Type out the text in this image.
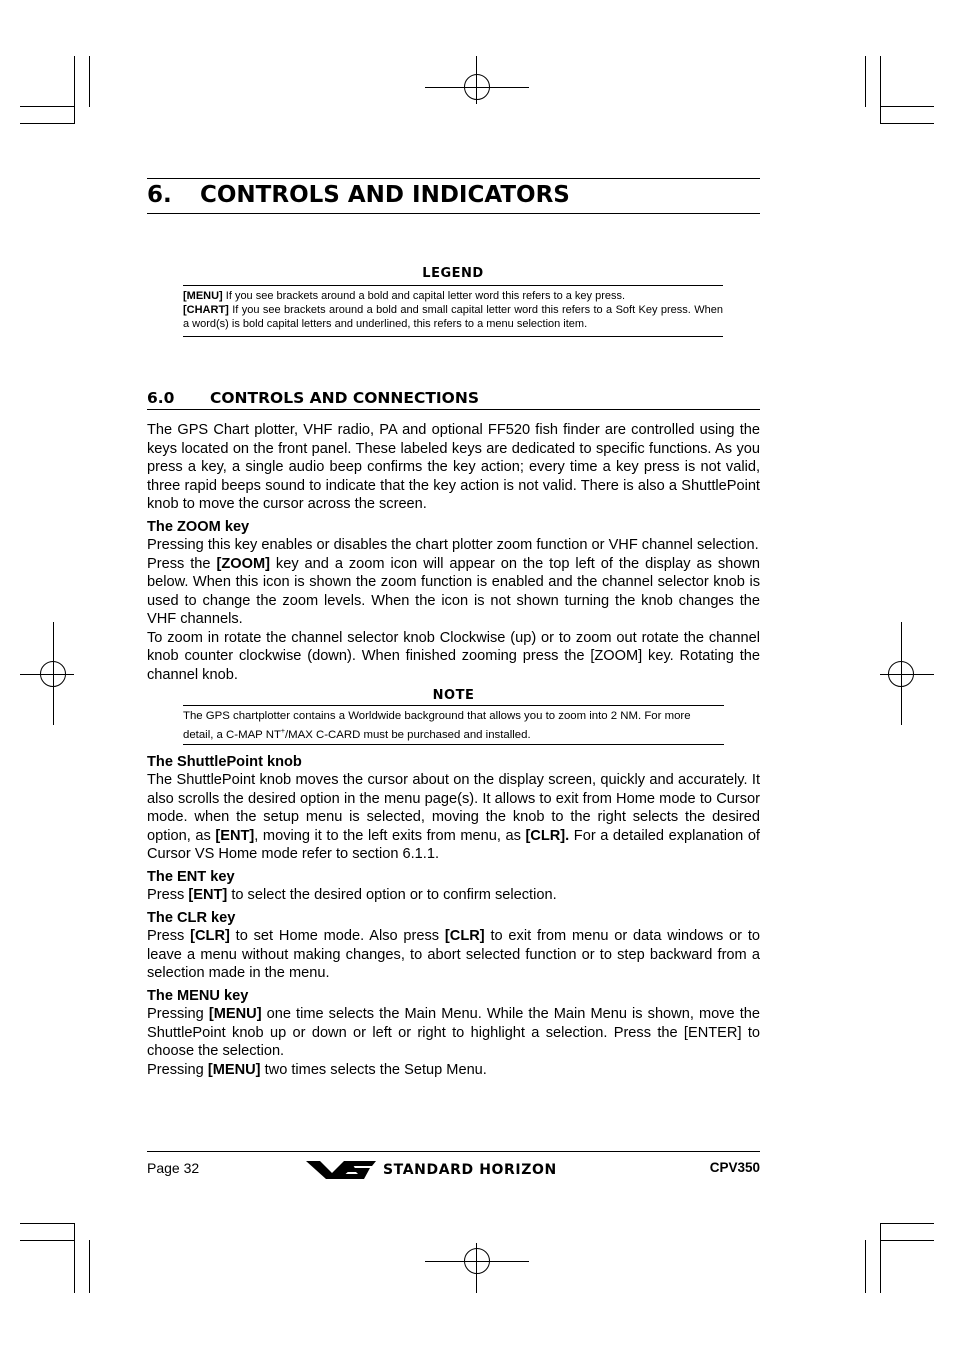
6. CONTROLS AND INDICATORS
LEGEND

[MENU] If you see brackets around a bold and capital letter word this refers to a key press.

[CHART] If you see brackets around a bold and small capital letter word this refers to a Soft Key press. When a word(s) is bold capital letters and underlined, this refers to a menu selection item.

6.0 CONTROLS AND CONNECTIONS

The GPS Chart plotter, VHF radio, PA and optional FF520 fish finder are controlled using the keys located on the front panel. These labeled keys are dedicated to specific functions. As you press a key, a single audio beep confirms the key action; every time a key press is not valid, three rapid beeps sound to indicate that the key action is not valid. There is also a ShuttlePoint knob to move the cursor across the screen.

The ZOOM key

Pressing this key enables or disables the chart plotter zoom function or VHF channel selection.

Press the [ZOOM] key and a zoom icon will appear on the top left of the display as shown below. When this icon is shown the zoom function is enabled and the channel selector knob is used to change the zoom levels. When the icon is not shown turning the knob changes the VHF channels.

To zoom in rotate the channel selector knob Clockwise (up) or to zoom out rotate the channel knob counter clockwise (down). When finished zooming press the [ZOOM] key. Rotating the channel knob.

NOTE
The GPS chartplotter contains a Worldwide background that allows you to zoom into 2 NM. For more detail, a C-MAP NT+/MAX C-CARD must be purchased and installed.
The ShuttlePoint knob

The ShuttlePoint knob moves the cursor about on the display screen, quickly and accurately. It also scrolls the desired option in the menu page(s). It allows to exit from Home mode to Cursor mode. when the setup menu is selected, moving the knob to the right selects the desired option, as [ENT], moving it to the left exits from menu, as [CLR]. For a detailed explanation of Cursor VS Home mode refer to section 6.1.1.

The ENT key

Press [ENT] to select the desired option or to confirm selection.

The CLR key

Press [CLR] to set Home mode. Also press [CLR] to exit from menu or data windows or to leave a menu without making changes, to abort selected function or to step backward from a selection made in the menu.

The MENU key

Pressing [MENU] one time selects the Main Menu. While the Main Menu is shown, move the ShuttlePoint knob up or down or left or right to highlight a selection. Press the [ENTER] to choose the selection.

Pressing [MENU] two times selects the Setup Menu.

Page 32	STANDARD HORIZON	CPV350
